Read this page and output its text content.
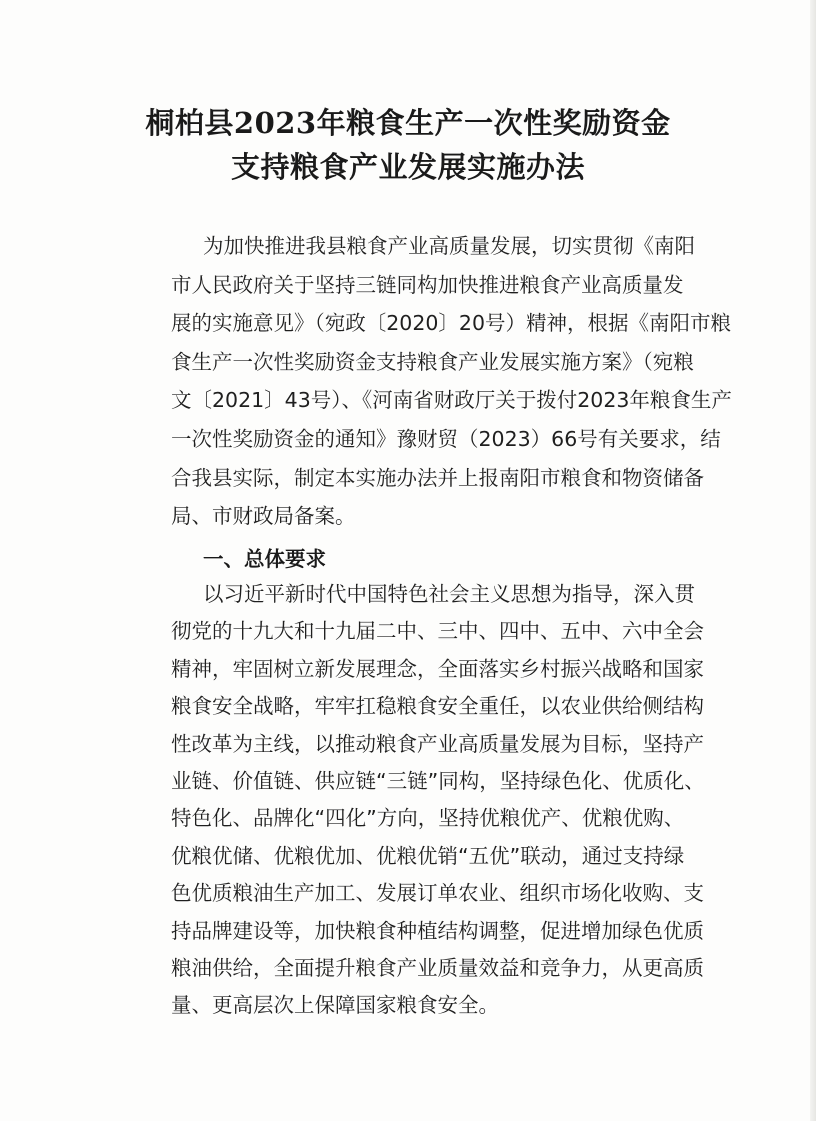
桐柏县2023年粮食生产一次性奖励资金
支持粮食产业发展实施办法
为加快推进我县粮食产业高质量发展，切实贯彻《南阳
市人民政府关于坚持三链同构加快推进粮食产业高质量发
展的实施意见》（宛政〔2020〕20号）精神，根据《南阳市粮
食生产一次性奖励资金支持粮食产业发展实施方案》（宛粮
文〔2021〕43号）、《河南省财政厅关于拨付2023年粮食生产
一次性奖励资金的通知》豫财贸（2023）66号有关要求，结
合我县实际，制定本实施办法并上报南阳市粮食和物资储备
局、市财政局备案。
一、总体要求
以习近平新时代中国特色社会主义思想为指导，深入贯
彻党的十九大和十九届二中、三中、四中、五中、六中全会
精神，牢固树立新发展理念，全面落实乡村振兴战略和国家
粮食安全战略，牢牢扛稳粮食安全重任，以农业供给侧结构
性改革为主线，以推动粮食产业高质量发展为目标，坚持产
业链、价值链、供应链“三链”同构，坚持绿色化、优质化、
特色化、品牌化“四化”方向，坚持优粮优产、优粮优购、
优粮优储、优粮优加、优粮优销“五优”联动，通过支持绿
色优质粮油生产加工、发展订单农业、组织市场化收购、支
持品牌建设等，加快粮食种植结构调整，促进增加绿色优质
粮油供给，全面提升粮食产业质量效益和竞争力，从更高质
量、更高层次上保障国家粮食安全。
